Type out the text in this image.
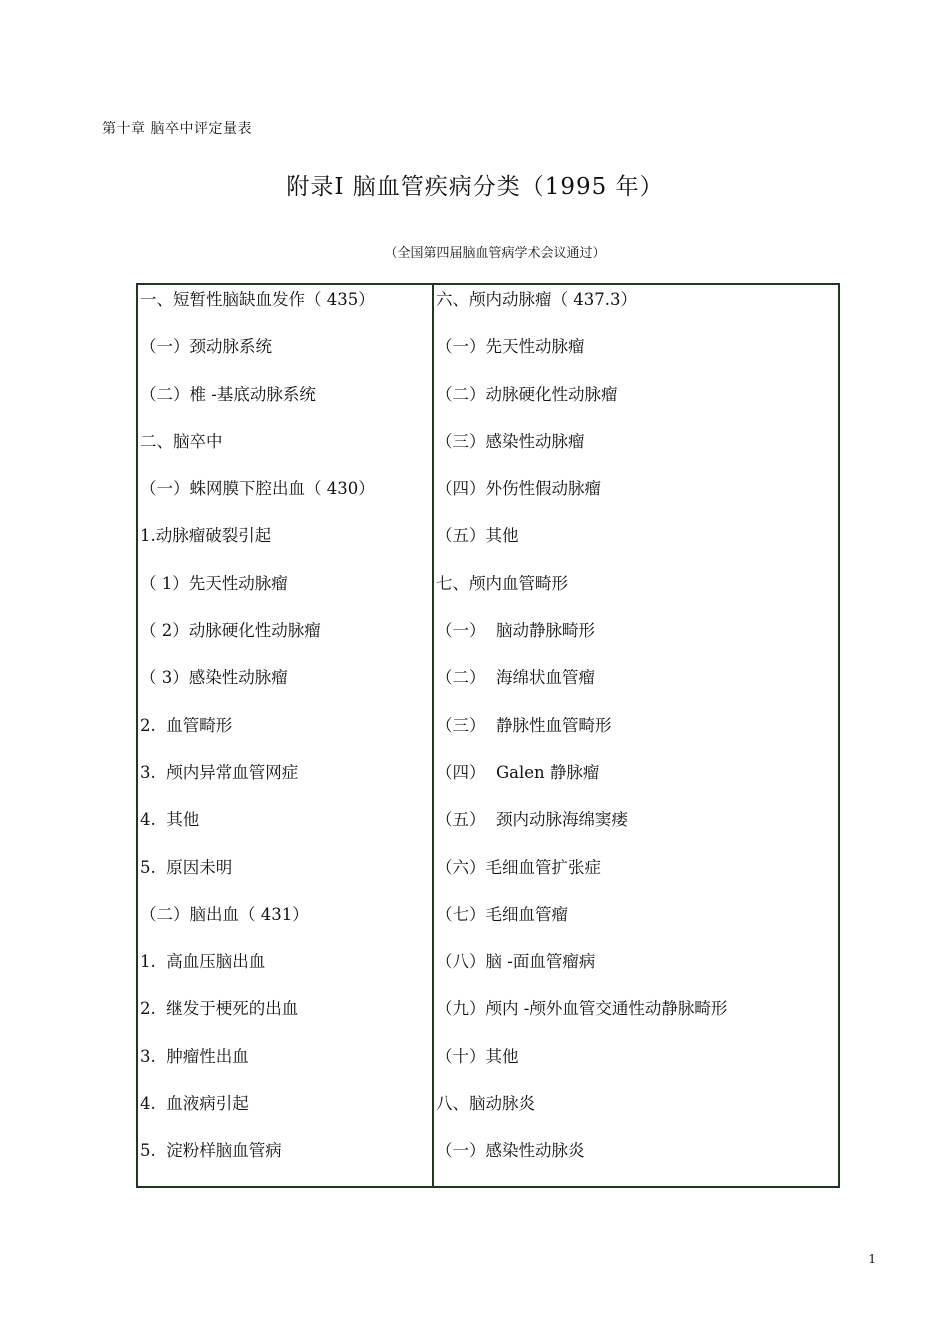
第十章 脑卒中评定量表
附录Ⅰ 脑血管疾病分类（1995 年）
（全国第四届脑血管病学术会议通过）
一、短暂性脑缺血发作（ 435）
（一）颈动脉系统
（二）椎 -基底动脉系统
二、脑卒中
（一）蛛网膜下腔出血（ 430）
1.动脉瘤破裂引起
（ 1）先天性动脉瘤
（ 2）动脉硬化性动脉瘤
（ 3）感染性动脉瘤
2.  血管畸形
3.  颅内异常血管网症
4.  其他
5.  原因未明
（二）脑出血（ 431）
1.  高血压脑出血
2.  继发于梗死的出血
3.  肿瘤性出血
4.  血液病引起
5.  淀粉样脑血管病
六、颅内动脉瘤（ 437.3）
（一）先天性动脉瘤
（二）动脉硬化性动脉瘤
（三）感染性动脉瘤
（四）外伤性假动脉瘤
（五）其他
七、颅内血管畸形
（一）  脑动静脉畸形
（二）  海绵状血管瘤
（三）  静脉性血管畸形
（四）  Galen 静脉瘤
（五）  颈内动脉海绵窦瘘
（六）毛细血管扩张症
（七）毛细血管瘤
（八）脑 -面血管瘤病
（九）颅内 -颅外血管交通性动静脉畸形
（十）其他
八、脑动脉炎
（一）感染性动脉炎
1
